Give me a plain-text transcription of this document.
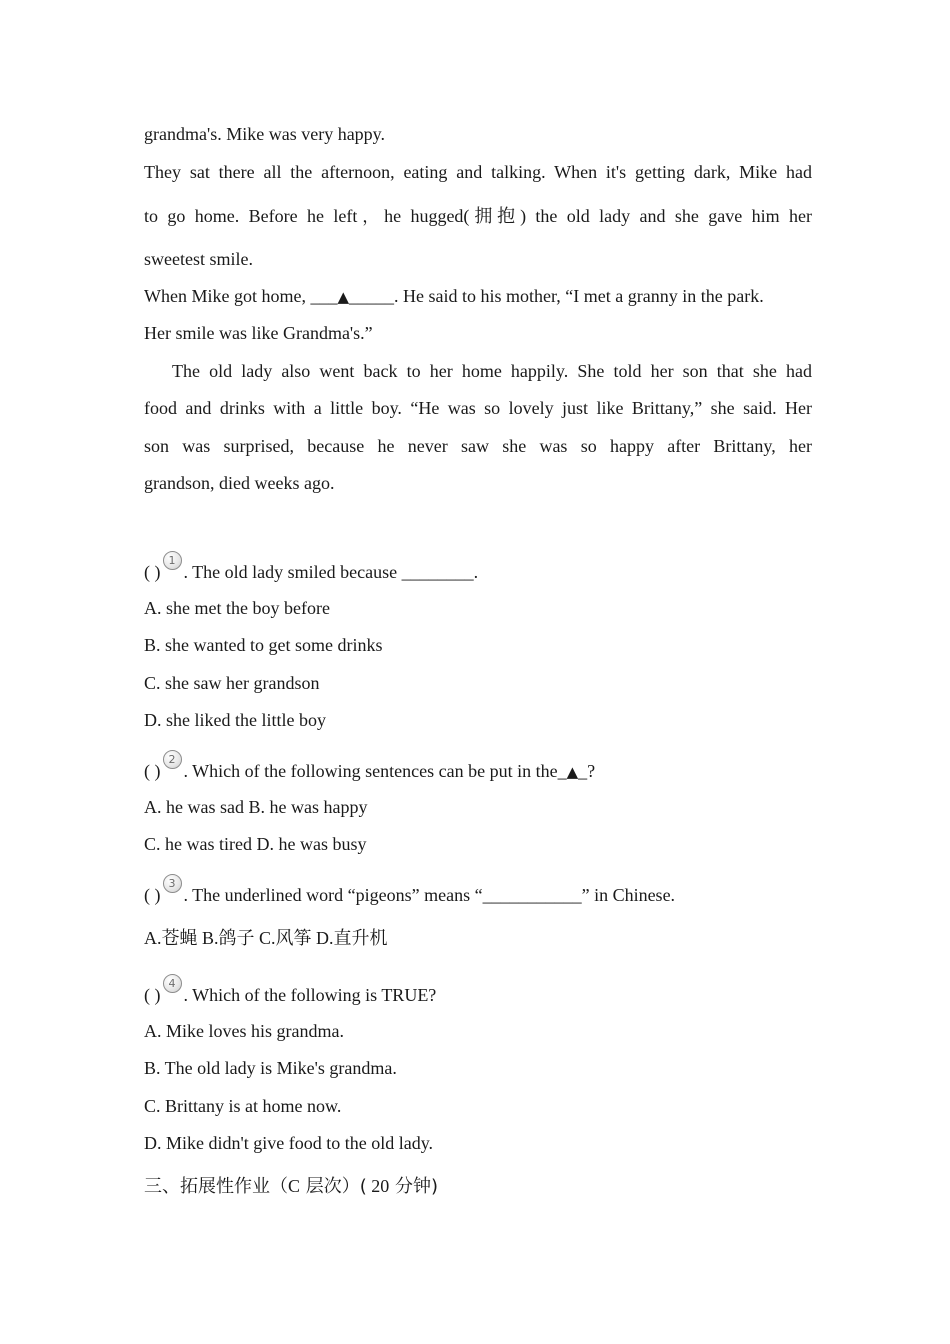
grandma's. Mike was very happy.
They sat there all the afternoon, eating and talking. When it's getting dark, Mike had
to go home. Before he left，he hugged(拥抱) the old lady and she gave him her
sweetest smile.
When Mike got home, ___▲_____. He said to his mother, “I met a granny in the park.
Her smile was like Grandma's.”
The old lady also went back to her home happily. She told her son that she had
food and drinks with a little boy. “He was so lovely just like Brittany,” she said. Her
son was surprised, because he never saw she was so happy after Brittany, her
grandson, died weeks ago.
( )1. The old lady smiled because ________.
A. she met the boy before
B. she wanted to get some drinks
C. she saw her grandson
D. she liked the little boy
( )2. Which of the following sentences can be put in the_▲_?
A. he was sad B. he was happy
C. he was tired D. he was busy
( )3. The underlined word “pigeons” means “___________” in Chinese.
A.苍蝇 B.鸽子 C.风筝 D.直升机
( )4. Which of the following is TRUE?
A. Mike loves his grandma.
B. The old lady is Mike's grandma.
C. Brittany is at home now.
D. Mike didn't give food to the old lady.
三、拓展性作业（C 层次）( 20 分钟)
